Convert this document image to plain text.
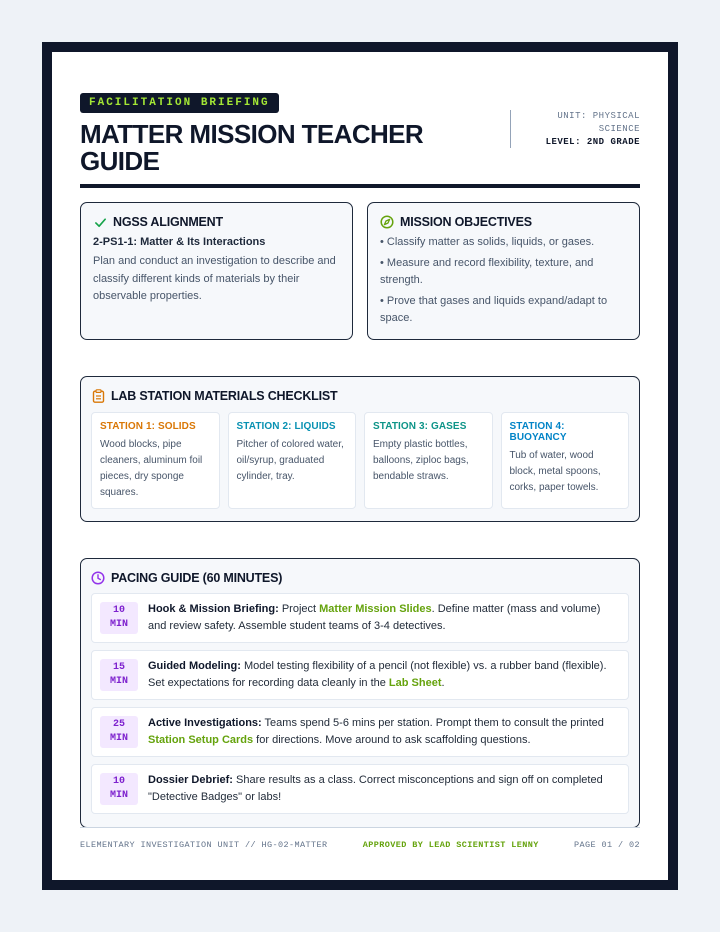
FACILITATION BRIEFING
MATTER MISSION TEACHER GUIDE
UNIT: PHYSICAL
SCIENCE
LEVEL: 2ND GRADE
NGSS ALIGNMENT
2-PS1-1: Matter & Its Interactions

Plan and conduct an investigation to describe and classify different kinds of materials by their observable properties.

MISSION OBJECTIVES
• Classify matter as solids, liquids, or gases.
• Measure and record flexibility, texture, and strength.
• Prove that gases and liquids expand/adapt to space.
LAB STATION MATERIALS CHECKLIST
STATION 1: SOLIDS
Wood blocks, pipe cleaners, aluminum foil pieces, dry sponge squares.
STATION 2: LIQUIDS
Pitcher of colored water, oil/syrup, graduated cylinder, tray.
STATION 3: GASES
Empty plastic bottles, balloons, ziploc bags, bendable straws.
STATION 4: BUOYANCY
Tub of water, wood block, metal spoons, corks, paper towels.
PACING GUIDE (60 MINUTES)
10
MIN
Hook & Mission Briefing: Project Matter Mission Slides. Define matter (mass and volume) and review safety. Assemble student teams of 3-4 detectives.
15
MIN
Guided Modeling: Model testing flexibility of a pencil (not flexible) vs. a rubber band (flexible). Set expectations for recording data cleanly in the Lab Sheet.
25
MIN
Active Investigations: Teams spend 5-6 mins per station. Prompt them to consult the printed Station Setup Cards for directions. Move around to ask scaffolding questions.
10
MIN
Dossier Debrief: Share results as a class. Correct misconceptions and sign off on completed "Detective Badges" or labs!
ELEMENTARY INVESTIGATION UNIT // HG-02-MATTER	APPROVED BY LEAD SCIENTIST LENNY	PAGE 01 / 02
